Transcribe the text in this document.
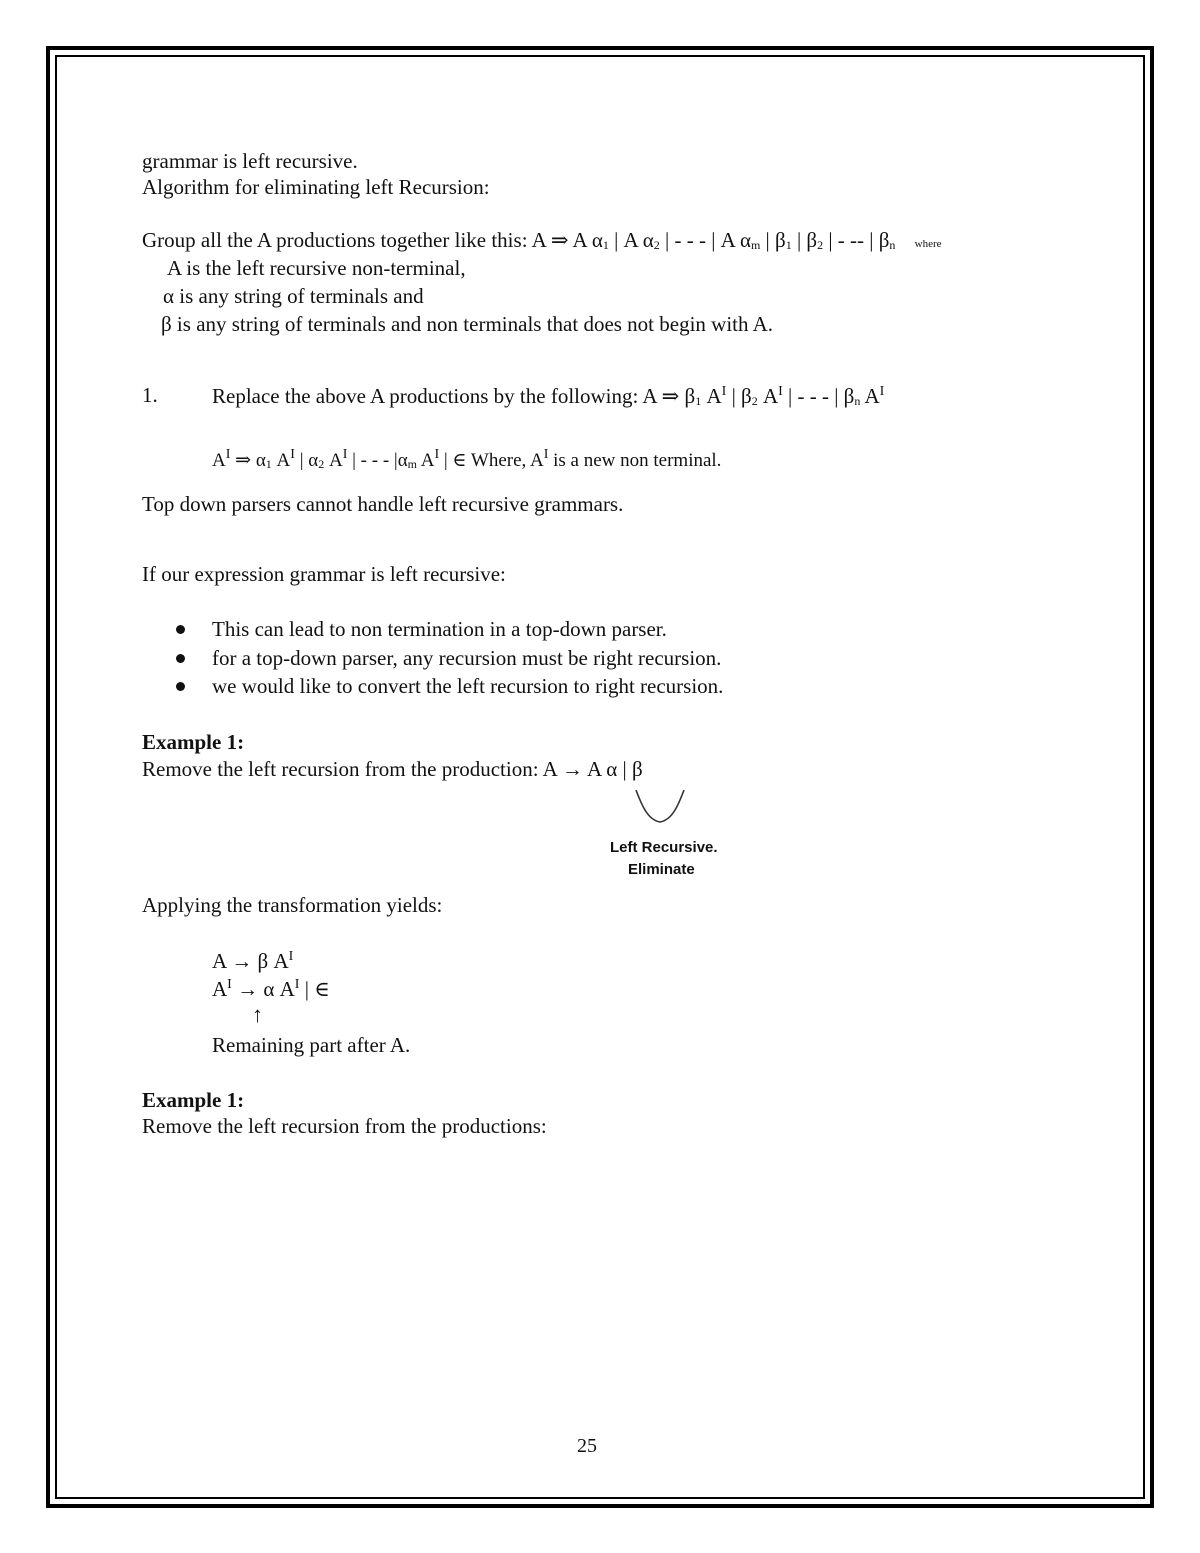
grammar is left recursive.
Algorithm for eliminating left Recursion:
Group all the A productions together like this: A ⇒ A $\alpha_1$ | A $\alpha_2$ | - - - | A $\alpha_m$ | $\beta_1$ | $\beta_2$ | - -- | $\beta_n$ where
A is the left recursive non-terminal,
α is any string of terminals and
β is any string of terminals and non terminals that does not begin with A.
1.	Replace the above A productions by the following: A ⇒ $\beta_1$ $A^I$ | $\beta_2$ $A^I$ | - - - | $\beta_n$ $A^I$
$A^I$ ⇒ $\alpha_1$ $A^I$ | $\alpha_2$ $A^I$ | - - - $|\alpha_m$ $A^I$ | ∈ Where, $A^I$ is a new non terminal.
Top down parsers cannot handle left recursive grammars.
If our expression grammar is left recursive:
This can lead to non termination in a top-down parser.
for a top-down parser, any recursion must be right recursion.
we would like to convert the left recursion to right recursion.
Example 1:
Remove the left recursion from the production: A → A α | β
Left Recursive.
Eliminate
Applying the transformation yields:
A → β $A^I$
$A^I \to \alpha$ $A^I$ | ∈
↑
Remaining part after A.
Example 1:
Remove the left recursion from the productions:
25
